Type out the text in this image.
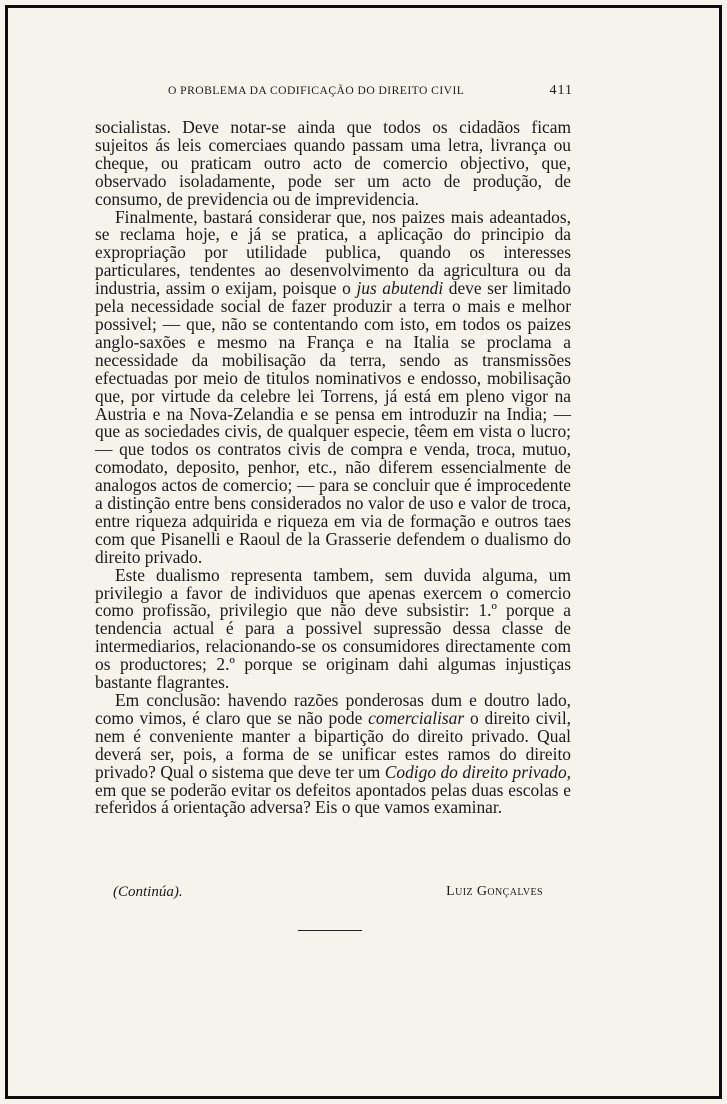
O PROBLEMA DA CODIFICAÇÃO DO DIREITO CIVIL	411

socialistas. Deve notar-se ainda que todos os cidadãos ficam sujeitos ás leis comerciaes quando passam uma letra, livrança ou cheque, ou praticam outro acto de comercio objectivo, que, observado isoladamente, pode ser um acto de produção, de consumo, de previdencia ou de imprevidencia.

Finalmente, bastará considerar que, nos paizes mais adeantados, se reclama hoje, e já se pratica, a aplicação do principio da expropriação por utilidade publica, quando os interesses particulares, tendentes ao desenvolvimento da agricultura ou da industria, assim o exijam, poisque o jus abutendi deve ser limitado pela necessidade social de fazer produzir a terra o mais e melhor possivel; — que, não se contentando com isto, em todos os paizes anglo-saxões e mesmo na França e na Italia se proclama a necessidade da mobilisação da terra, sendo as transmissões efectuadas por meio de titulos nominativos e endosso, mobilisação que, por virtude da celebre lei Torrens, já está em pleno vigor na Austria e na Nova-Zelandia e se pensa em introduzir na India; — que as sociedades civis, de qualquer especie, têem em vista o lucro; — que todos os contratos civis de compra e venda, troca, mutuo, comodato, deposito, penhor, etc., não diferem essencialmente de analogos actos de comercio; — para se concluir que é improcedente a distinção entre bens considerados no valor de uso e valor de troca, entre riqueza adquirida e riqueza em via de formação e outros taes com que Pisanelli e Raoul de la Grasserie defendem o dualismo do direito privado.

Este dualismo representa tambem, sem duvida alguma, um privilegio a favor de individuos que apenas exercem o comercio como profissão, privilegio que não deve subsistir: 1.º porque a tendencia actual é para a possivel supressão dessa classe de intermediarios, relacionando-se os consumidores directamente com os productores; 2.º porque se originam dahi algumas injustiças bastante flagrantes.

Em conclusão: havendo razões ponderosas dum e doutro lado, como vimos, é claro que se não pode comercialisar o direito civil, nem é conveniente manter a bipartição do direito privado. Qual deverá ser, pois, a forma de se unificar estes ramos do direito privado? Qual o sistema que deve ter um Codigo do direito privado, em que se poderão evitar os defeitos apontados pelas duas escolas e referidos á orientação adversa? Eis o que vamos examinar.

(Continúa).	Luiz Gonçalves
